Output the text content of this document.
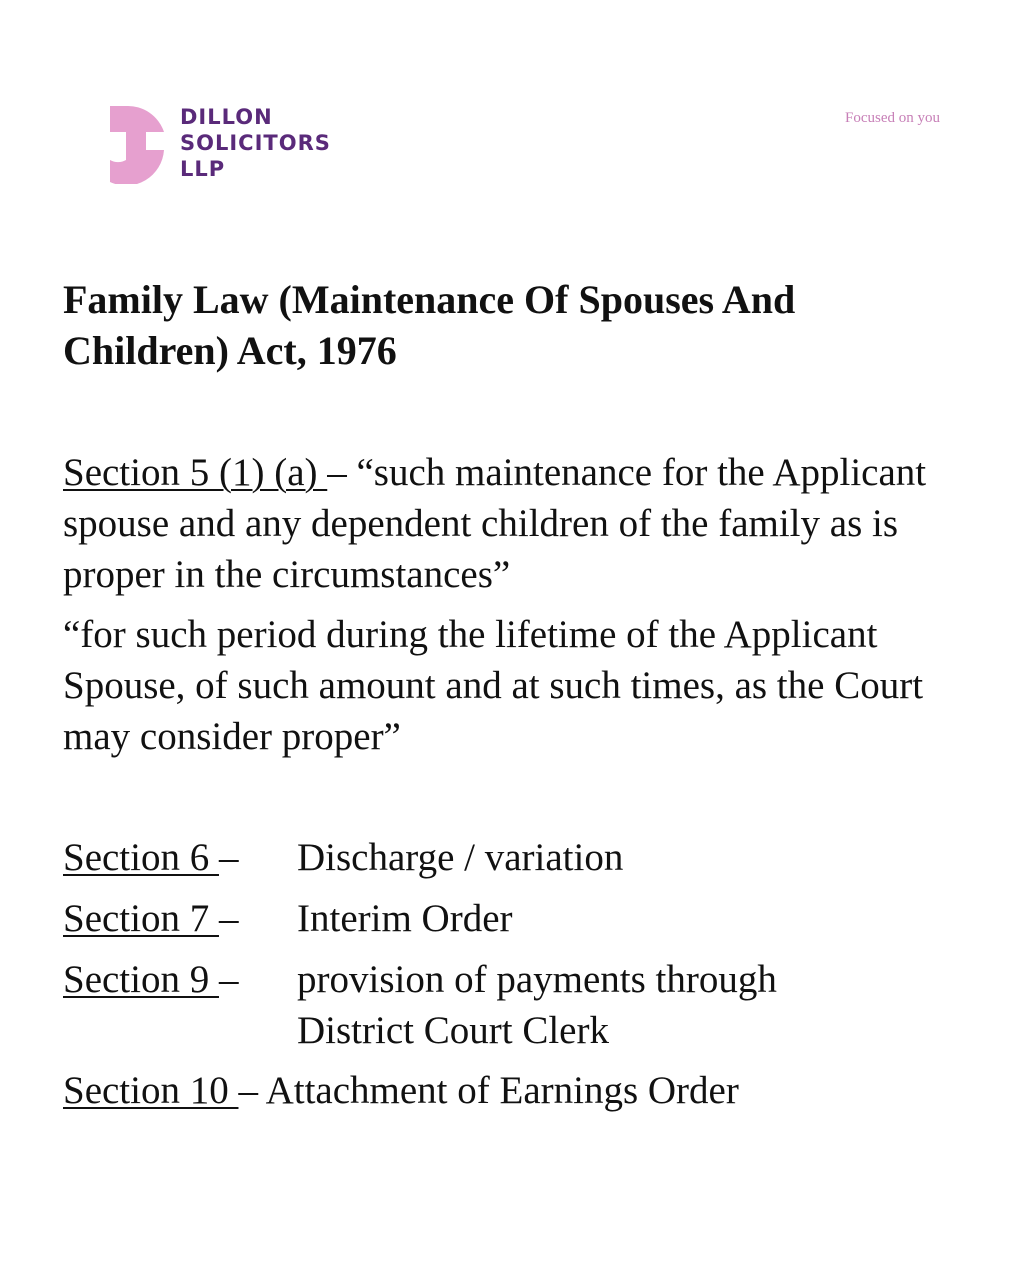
DILLON
SOLICITORS
LLP
Focused on you
Family Law (Maintenance Of Spouses And Children) Act, 1976

Section 5 (1) (a) – “such maintenance for the Applicant spouse and any dependent children of the family as is proper in the circumstances”

“for such period during the lifetime of the Applicant Spouse, of such amount and at such times, as the Court may consider proper”

Section 6 – Discharge / variation
Section 7 – Interim Order
Section 9 – provision of payments through
District Court Clerk
Section 10 – Attachment of Earnings Order
